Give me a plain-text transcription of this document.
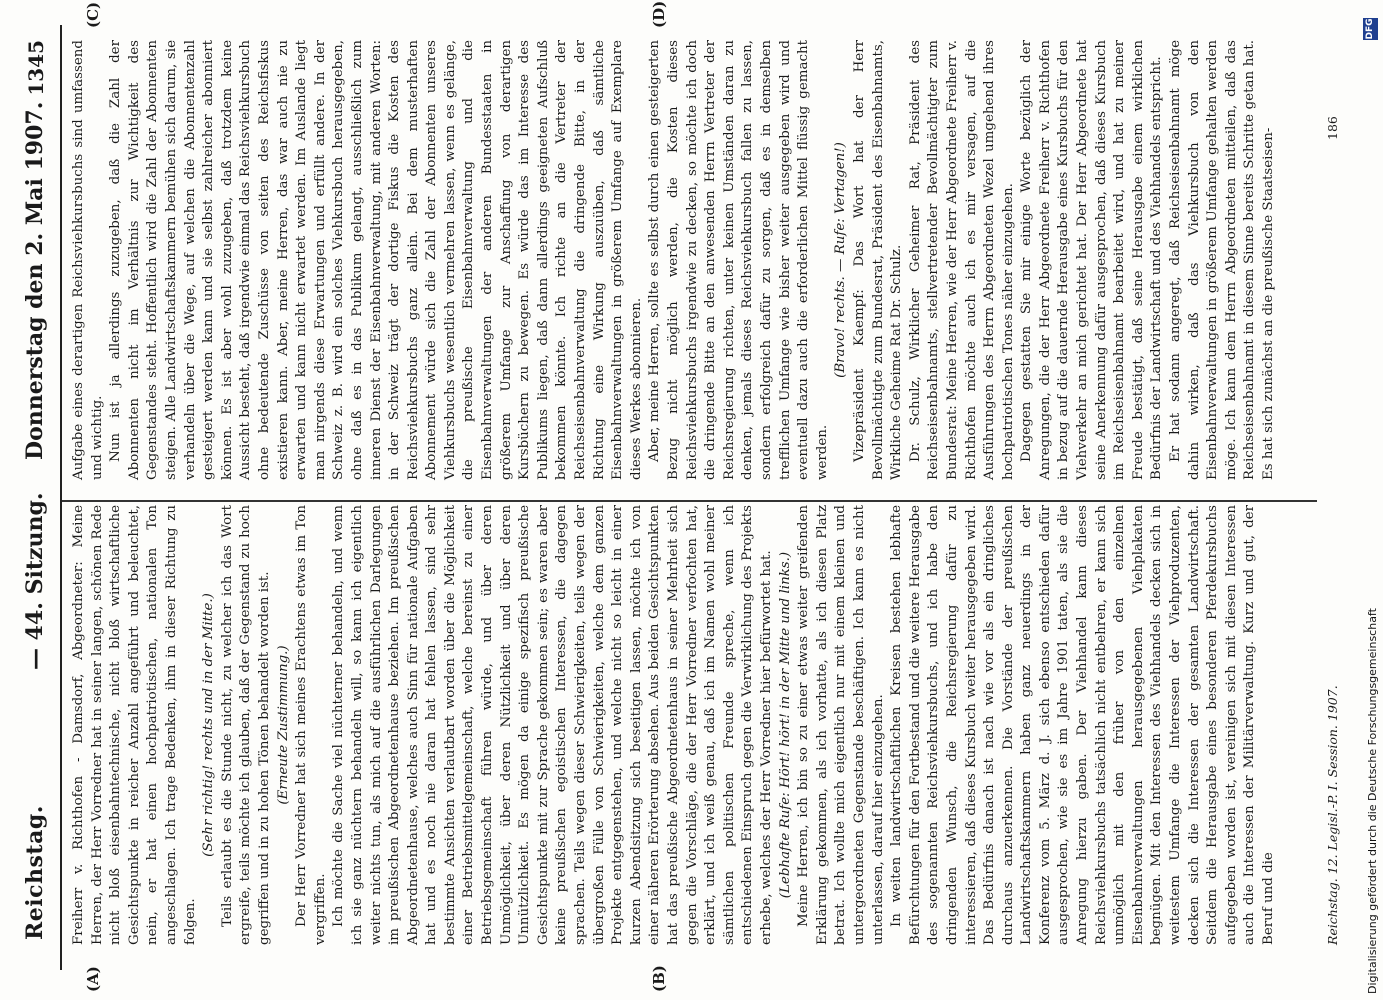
Reichstag.
— 44. Sitzung.
Donnerstag den 2. Mai 1907.
1345
(A)	(B)
(C)	(D)

Freiherr v. Richthofen - Damsdorf, Abgeordneter: Meine Herren, der Herr Vorredner hat in seiner langen, schönen Rede nicht bloß eisenbahntechnische, nicht bloß wirtschaftliche Gesichtspunkte in reicher Anzahl angeführt und beleuchtet, nein, er hat einen hochpatriotischen, nationalen Ton angeschlagen. Ich trage Bedenken, ihm in dieser Richtung zu folgen.

(Sehr richtig! rechts und in der Mitte.) Teils erlaubt es die Stunde nicht, zu welcher ich das Wort ergreife, teils möchte ich glauben, daß der Gegenstand zu hoch gegriffen und in zu hohen Tönen behandelt worden ist. (Erneute Zustimmung.) Der Herr Vorredner hat sich meines Erachtens etwas im Ton vergriffen. Ich möchte die Sache viel nüchterner behandeln, und wenn ich sie ganz nüchtern behandeln will, so kann ich eigentlich weiter nichts tun, als mich auf die ausführlichen Darlegungen im preußischen Abgeordnetenhause beziehen. Im preußischen Abgeordnetenhause, welches auch Sinn für nationale Aufgaben hat und es noch nie daran hat fehlen lassen, sind sehr bestimmte Ansichten verlautbart worden über die Möglichkeit einer Betriebsmittelgemeinschaft, welche bereinst zu einer Betriebsgemeinschaft führen würde, und über deren Unmöglichkeit, über deren Nützlichkeit und über deren Unnützlichkeit. Es mögen da einige spezifisch preußische Gesichtspunkte mit zur Sprache gekommen sein; es waren aber keine preußischen egoistischen Interessen, die dagegen sprachen. Teils wegen dieser Schwierigkeiten, teils wegen der übergroßen Fülle von Schwierigkeiten, welche dem ganzen Projekte entgegenstehen, und welche nicht so leicht in einer kurzen Abendsitzung sich beseitigen lassen, möchte ich von einer näheren Erörterung absehen. Aus beiden Gesichtspunkten hat das preußische Abgeordnetenhaus in seiner Mehrheit sich gegen die Vorschläge, die der Herr Vorredner verfochten hat, erklärt, und ich weiß genau, daß ich im Namen wohl meiner sämtlichen politischen Freunde spreche, wenn ich entschiedenen Einspruch gegen die Verwirklichung des Projekts erhebe, welches der Herr Vorredner hier befürwortet hat. (Lebhafte Rufe: Hört! hört! in der Mitte und links.) Meine Herren, ich bin so zu einer etwas weiter greifenden Erklärung gekommen, als ich vorhatte, als ich diesen Platz betrat. Ich wollte mich eigentlich nur mit einem kleinen und untergeordneten Gegenstande beschäftigen. Ich kann es nicht unterlassen, darauf hier einzugehen. In weiten landwirtschaftlichen Kreisen bestehen lebhafte Befürchtungen für den Fortbestand und die weitere Herausgabe des sogenannten Reichsviehkursbuchs, und ich habe den dringenden Wunsch, die Reichsregierung dafür zu interessieren, daß dieses Kursbuch weiter herausgegeben wird. Das Bedürfnis danach ist nach wie vor als ein dringliches durchaus anzuerkennen. Die Vorstände der preußischen Landwirtschaftskammern haben ganz neuerdings in der Konferenz vom 5. März d. J. sich ebenso entschieden dafür ausgesprochen, wie sie es im Jahre 1901 taten, als sie die Anregung hierzu gaben. Der Viehhandel kann dieses Reichsviehkursbuchs tatsächlich nicht entbehren, er kann sich unmöglich mit den früher von den einzelnen Eisenbahnverwaltungen herausgegebenen Viehplakaten begnügen. Mit den Interessen des Viehhandels decken sich in weitestem Umfange die Interessen der Viehproduzenten, decken sich die Interessen der gesamten Landwirtschaft. Seitdem die Herausgabe eines besonderen Pferdekursbuchs aufgegeben worden ist, vereinigen sich mit diesen Interessen auch die Interessen der Militärverwaltung. Kurz und gut, der Beruf und die

Aufgabe eines derartigen Reichsviehkursbuchs sind umfassend und wichtig. Nun ist ja allerdings zuzugeben, daß die Zahl der Abonnenten nicht im Verhältnis zur Wichtigkeit des Gegenstandes steht. Hoffentlich wird die Zahl der Abonnenten steigen. Alle Landwirtschaftskammern bemühen sich darum, sie verhandeln über die Wege, auf welchen die Abonnentenzahl gesteigert werden kann und sie selbst zahlreicher abonniert können. Es ist aber wohl zuzugeben, daß trotzdem keine Aussicht besteht, daß irgendwie einmal das Reichsviehkursbuch ohne bedeutende Zuschüsse von seiten des Reichsfiskus existieren kann. Aber, meine Herren, das war auch nie zu erwarten und kann nicht erwartet werden. Im Auslande liegt man nirgends diese Erwartungen und erfüllt andere. In der Schweiz z. B. wird ein solches Viehkursbuch herausgegeben, ohne daß es in das Publikum gelangt, ausschließlich zum inneren Dienst der Eisenbahnverwaltung, mit anderen Worten: in der Schweiz trägt der dortige Fiskus die Kosten des Reichsviehkursbuchs ganz allein. Bei dem musterhaften Abonnement würde sich die Zahl der Abonnenten unseres Viehkursbuchs wesentlich vermehren lassen, wenn es gelänge, die preußische Eisenbahnverwaltung und die Eisenbahnverwaltungen der anderen Bundesstaaten in größerem Umfange zur Anschaffung von derartigen Kursbüchern zu bewegen. Es würde das im Interesse des Publikums liegen, daß dann allerdings geeigneten Aufschluß bekommen könnte. Ich richte an die Vertreter der Reichseisenbahnverwaltung die dringende Bitte, in der Richtung eine Wirkung auszuüben, daß sämtliche Eisenbahnverwaltungen in größerem Umfange auf Exemplare dieses Werkes abonnieren. Aber, meine Herren, sollte es selbst durch einen gesteigerten Bezug nicht möglich werden, die Kosten dieses Reichsviehkursbuchs irgendwie zu decken, so möchte ich doch die dringende Bitte an den anwesenden Herrn Vertreter der Reichsregierung richten, unter keinen Umständen daran zu denken, jemals dieses Reichsviehkursbuch fallen zu lassen, sondern erfolgreich dafür zu sorgen, daß es in demselben trefflichen Umfange wie bisher weiter ausgegeben wird und eventuell dazu auch die erforderlichen Mittel flüssig gemacht werden.

(Bravo! rechts. — Rufe: Vertagen!) Vizepräsident Kaempf: Das Wort hat der Herr Bevollmächtigte zum Bundesrat, Präsident des Eisenbahnamts, Wirkliche Geheime Rat Dr. Schulz. Dr. Schulz, Wirklicher Geheimer Rat, Präsident des Reichseisenbahnamts, stellvertretender Bevollmächtigter zum Bundesrat: Meine Herren, wie der Herr Abgeordnete Freiherr v. Richthofen möchte auch ich es mir versagen, auf die Ausführungen des Herrn Abgeordneten Wezel umgehend ihres hochpatriotischen Tones näher einzugehen. Dagegen gestatten Sie mir einige Worte bezüglich der Anregungen, die der Herr Abgeordnete Freiherr v. Richthofen in bezug auf die dauernde Herausgabe eines Kursbuchs für den Viehverkehr an mich gerichtet hat. Der Herr Abgeordnete hat seine Anerkennung dafür ausgesprochen, daß dieses Kursbuch im Reichseisenbahnamt bearbeitet wird, und hat zu meiner Freude bestätigt, daß seine Herausgabe einem wirklichen Bedürfnis der Landwirtschaft und des Viehhandels entspricht. Er hat sodann angeregt, daß Reichseisenbahnamt möge dahin wirken, daß das Viehkursbuch von den Eisenbahnverwaltungen in größerem Umfange gehalten werden möge. Ich kann dem Herrn Abgeordneten mitteilen, daß das Reichseisenbahnamt in diesem Sinne bereits Schritte getan hat. Es hat sich zunächst an die preußische Staatseisen-

Reichstag. 12. Legisl.-P. I. Session. 1907.
186
Digitalisierung gefördert durch die Deutsche Forschungsgemeinschaft
DFG
